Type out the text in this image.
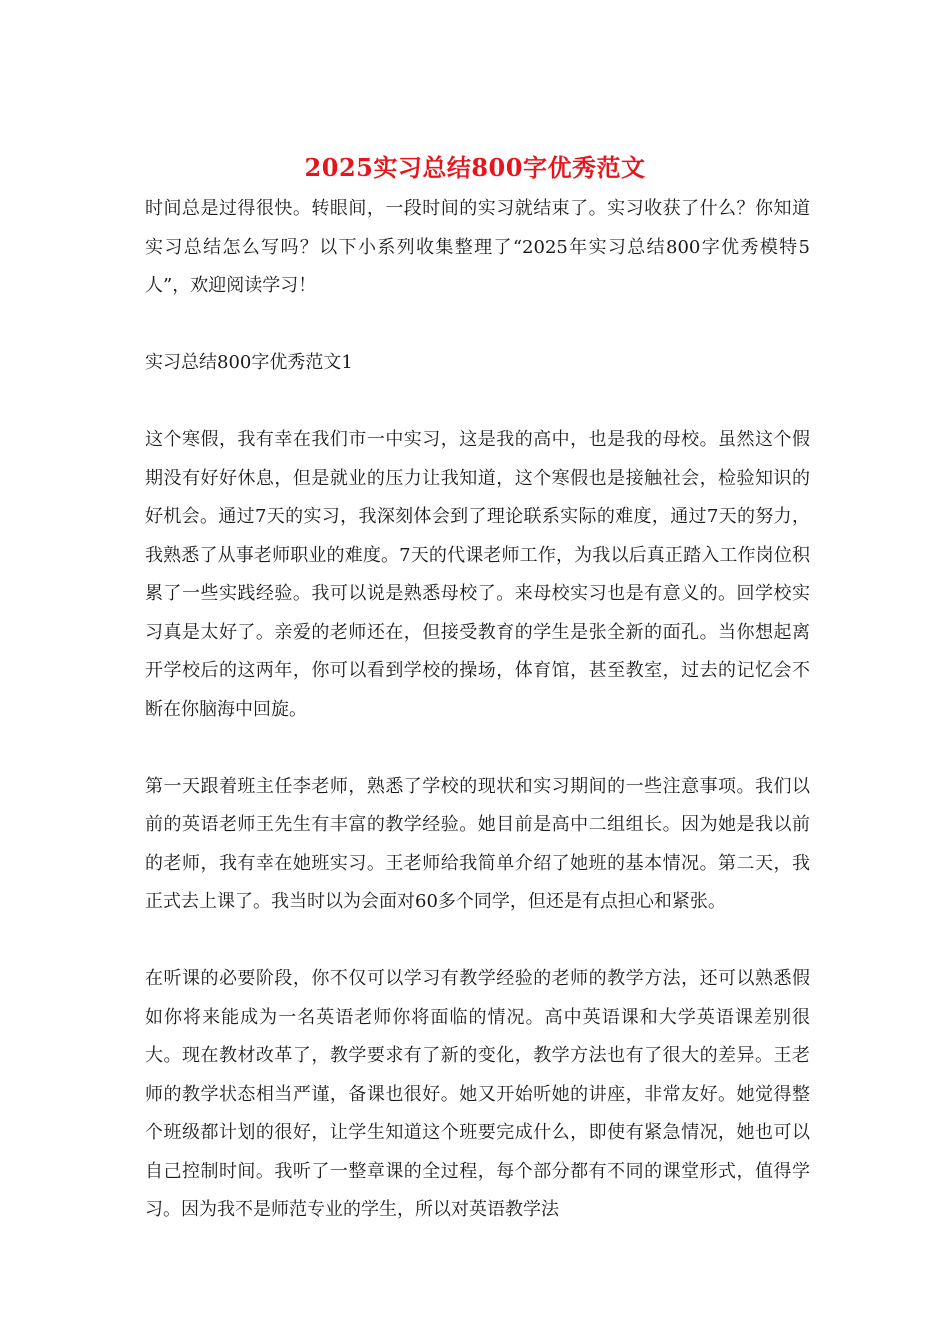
2025实习总结800字优秀范文

时间总是过得很快。转眼间，一段时间的实习就结束了。实习收获了什么？你知道实习总结怎么写吗？以下小系列收集整理了“2025年实习总结800字优秀模特5人”，欢迎阅读学习！

实习总结800字优秀范文1

这个寒假，我有幸在我们市一中实习，这是我的高中，也是我的母校。虽然这个假期没有好好休息，但是就业的压力让我知道，这个寒假也是接触社会，检验知识的好机会。通过7天的实习，我深刻体会到了理论联系实际的难度，通过7天的努力，我熟悉了从事老师职业的难度。7天的代课老师工作，为我以后真正踏入工作岗位积累了一些实践经验。我可以说是熟悉母校了。来母校实习也是有意义的。回学校实习真是太好了。亲爱的老师还在，但接受教育的学生是张全新的面孔。当你想起离开学校后的这两年，你可以看到学校的操场，体育馆，甚至教室，过去的记忆会不断在你脑海中回旋。

第一天跟着班主任李老师，熟悉了学校的现状和实习期间的一些注意事项。我们以前的英语老师王先生有丰富的教学经验。她目前是高中二组组长。因为她是我以前的老师，我有幸在她班实习。王老师给我简单介绍了她班的基本情况。第二天，我正式去上课了。我当时以为会面对60多个同学，但还是有点担心和紧张。

在听课的必要阶段，你不仅可以学习有教学经验的老师的教学方法，还可以熟悉假如你将来能成为一名英语老师你将面临的情况。高中英语课和大学英语课差别很大。现在教材改革了，教学要求有了新的变化，教学方法也有了很大的差异。王老师的教学状态相当严谨，备课也很好。她又开始听她的讲座，非常友好。她觉得整个班级都计划的很好，让学生知道这个班要完成什么，即使有紧急情况，她也可以自己控制时间。我听了一整章课的全过程，每个部分都有不同的课堂形式，值得学习。因为我不是师范专业的学生，所以对英语教学法
